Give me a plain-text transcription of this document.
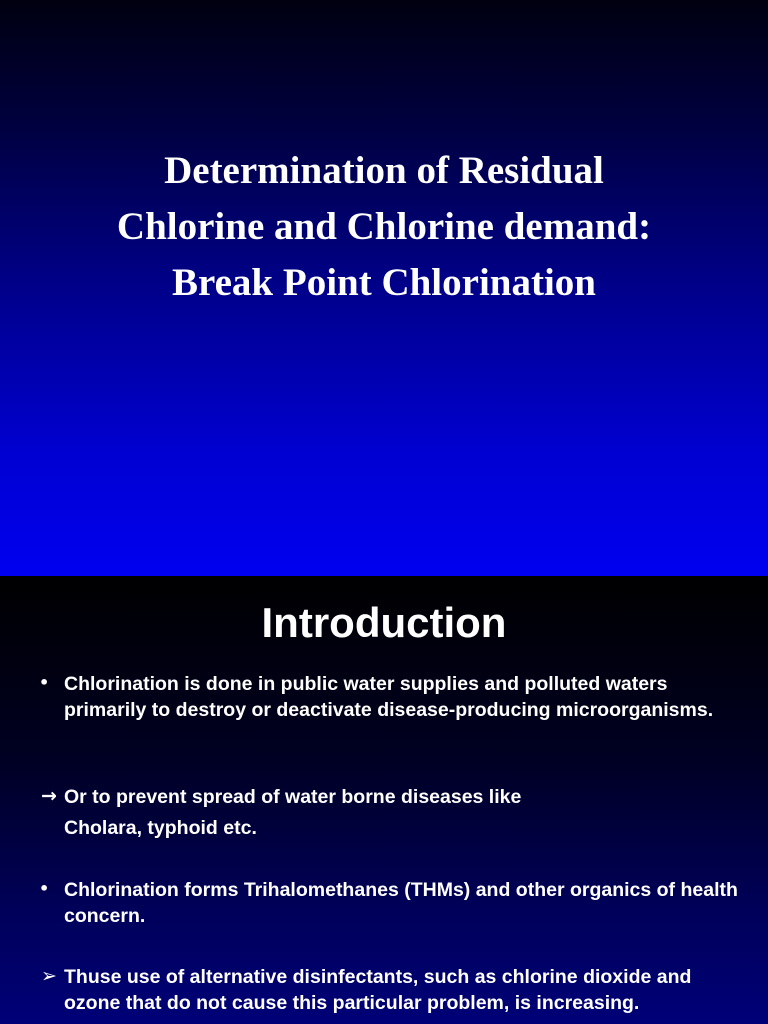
Determination of Residual
Chlorine and Chlorine demand:
Break Point Chlorination
Introduction
• Chlorination is done in public water supplies and polluted waters primarily to destroy or deactivate disease-producing microorganisms.
→ Or to prevent spread of water borne diseases like
Cholara, typhoid etc.
• Chlorination forms Trihalomethanes (THMs) and other organics of health concern.
➢ Thuse use of alternative disinfectants, such as chlorine dioxide and ozone that do not cause this particular problem, is increasing.
